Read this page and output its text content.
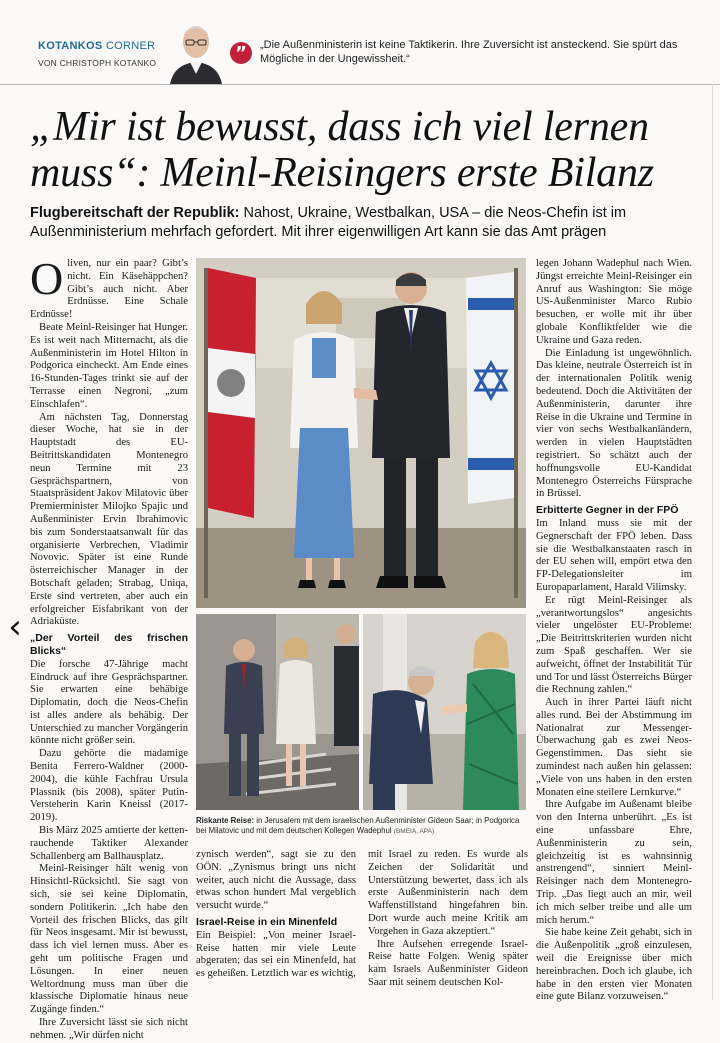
KOTANKOS CORNER
VON CHRISTOPH KOTANKO	”	„Die Außenministerin ist keine Taktikerin. Ihre Zuversicht ist ansteckend. Sie spürt das Mögliche in der Ungewissheit.“
„Mir ist bewusst, dass ich viel lernen muss“: Meinl-Reisingers erste Bilanz
Flugbereitschaft der Republik: Nahost, Ukraine, Westbalkan, USA – die Neos-Chefin ist im Außenministerium mehrfach gefordert. Mit ihrer eigenwilligen Art kann sie das Amt prägen

Oliven, nur ein paar? Gibt’s nicht. Ein Käsehäppchen? Gibt’s auch nicht. Aber Erdnüsse. Eine Schale Erdnüsse!

Beate Meinl-Reisinger hat Hunger. Es ist weit nach Mitternacht, als die Außenministerin im Hotel Hilton in Podgorica eincheckt. Am Ende eines 16-Stunden-Tages trinkt sie auf der Terrasse einen Negroni, „zum Einschlafen“.

Am nächsten Tag, Donnerstag dieser Woche, hat sie in der Hauptstadt des EU-Beitrittskandidaten Montenegro neun Termine mit 23 Gesprächspartnern, von Staatspräsident Jakov Milatovic über Premierminister Milojko Spajic und Außenminister Ervin Ibrahimovic bis zum Sonderstaatsanwalt für das organisierte Verbrechen, Vladimir Novovic. Später ist eine Runde österreichischer Manager in der Botschaft geladen; Strabag, Uniqa, Erste sind vertreten, aber auch ein erfolgreicher Eisfabrikant von der Adriaküste.

„Der Vorteil des frischen Blicks“

Die forsche 47-Jährige macht Eindruck auf ihre Gesprächspartner. Sie erwarten eine behäbige Diplomatin, doch die Neos-Chefin ist alles andere als behäbig. Der Unterschied zu mancher Vorgängerin könnte nicht größer sein.

Dazu gehörte die madamige Benita Ferrero-Waldner (2000-2004), die kühle Fachfrau Ursula Plassnik (bis 2008), später Putin-Versteherin Karin Kneissl (2017-2019).

Bis März 2025 amtierte der kettenrauchende Taktiker Alexander Schallenberg am Ballhausplatz.

Meinl-Reisinger hält wenig von Hinsichtl-Rücksichtl. Sie sagt von sich, sie sei keine Diplomatin, sondern Politikerin. „Ich habe den Vorteil des frischen Blicks, das gilt für Neos insgesamt. Mir ist bewusst, dass ich viel lernen muss. Aber es geht um politische Fragen und Lösungen. In einer neuen Weltordnung muss man über die klassische Diplomatie hinaus neue Zugänge finden.“

Ihre Zuversicht lässt sie sich nicht nehmen. „Wir dürfen nicht

Riskante Reise: in Jerusalem mit dem israelischen Außenminister Gideon Saar; in Podgorica bei Milatovic und mit dem deutschen Kollegen Wadephul (BMEIA, APA)

zynisch werden“, sagt sie zu den OÖN. „Zynismus bringt uns nicht weiter, auch nicht die Aussage, dass etwas schon hundert Mal vergeblich versucht wurde.“

Israel-Reise in ein Minenfeld

Ein Beispiel: „Von meiner Israel-Reise hatten mir viele Leute abgeraten; das sei ein Minenfeld, hat es geheißen. Letztlich war es wichtig,

mit Israel zu reden. Es wurde als Zeichen der Solidarität und Unterstützung bewertet, dass ich als erste Außenministerin nach dem Waffenstillstand hingefahren bin. Dort wurde auch meine Kritik am Vorgehen in Gaza akzeptiert.“

Ihre Aufsehen erregende Israel-Reise hatte Folgen. Wenig später kam Israels Außenminister Gideon Saar mit seinem deutschen Kol-

legen Johann Wadephul nach Wien. Jüngst erreichte Meinl-Reisinger ein Anruf aus Washington: Sie möge US-Außenminister Marco Rubio besuchen, er wolle mit ihr über globale Konfliktfelder wie die Ukraine und Gaza reden.

Die Einladung ist ungewöhnlich. Das kleine, neutrale Österreich ist in der internationalen Politik wenig bedeutend. Doch die Aktivitäten der Außenministerin, darunter ihre Reise in die Ukraine und Termine in vier von sechs Westbalkanländern, werden in vielen Hauptstädten registriert. So schätzt auch der hoffnungsvolle EU-Kandidat Montenegro Österreichs Fürsprache in Brüssel.

Erbitterte Gegner in der FPÖ

Im Inland muss sie mit der Gegnerschaft der FPÖ leben. Dass sie die Westbalkanstaaten rasch in der EU sehen will, empört etwa den FP-Delegationsleiter im Europaparlament, Harald Vilimsky.

Er rügt Meinl-Reisinger als „verantwortungslos“ angesichts vieler ungelöster EU-Probleme: „Die Beitrittskriterien wurden nicht zum Spaß geschaffen. Wer sie aufweicht, öffnet der Instabilität Tür und Tor und lässt Österreichs Bürger die Rechnung zahlen.“

Auch in ihrer Partei läuft nicht alles rund. Bei der Abstimmung im Nationalrat zur Messenger-Überwachung gab es zwei Neos-Gegenstimmen. Das sieht sie zumindest nach außen hin gelassen: „Viele von uns haben in den ersten Monaten eine steilere Lernkurve.“

Ihre Aufgabe im Außenamt bleibe von den Interna unberührt. „Es ist eine unfassbare Ehre, Außenministerin zu sein, gleichzeitig ist es wahnsinnig anstrengend“, sinniert Meinl-Reisinger nach dem Montenegro-Trip. „Das liegt auch an mir, weil ich mich selber treibe und alle um mich herum.“

Sie habe keine Zeit gehabt, sich in die Außenpolitik „groß einzulesen, weil die Ereignisse über mich hereinbrachen. Doch ich glaube, ich habe in den ersten vier Monaten eine gute Bilanz vorzuweisen.“

‹
